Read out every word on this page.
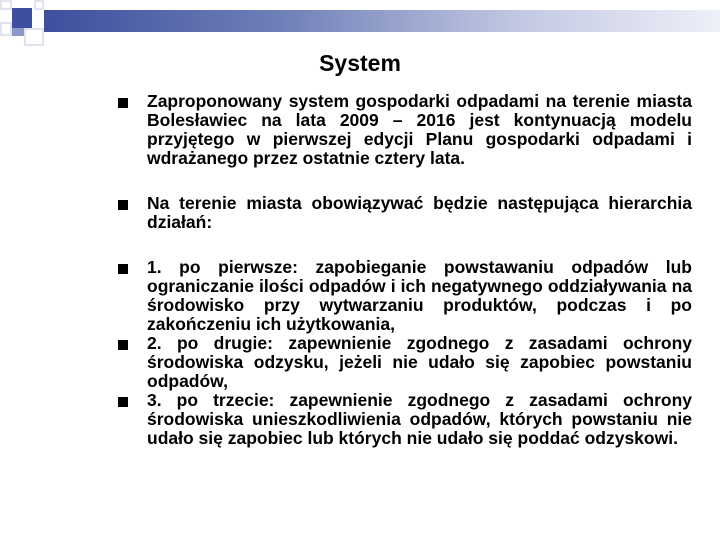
System
Zaproponowany system gospodarki odpadami na terenie miasta Bolesławiec na lata 2009 – 2016 jest kontynuacją modelu przyjętego w pierwszej edycji Planu gospodarki odpadami i wdrażanego przez ostatnie cztery lata.
Na terenie miasta obowiązywać będzie następująca hierarchia działań:
1. po pierwsze: zapobieganie powstawaniu odpadów lub ograniczanie ilości odpadów i ich negatywnego oddziaływania na środowisko przy wytwarzaniu produktów, podczas i po zakończeniu ich użytkowania,
2. po drugie: zapewnienie zgodnego z zasadami ochrony środowiska odzysku, jeżeli nie udało się zapobiec powstaniu odpadów,
3. po trzecie: zapewnienie zgodnego z zasadami ochrony środowiska unieszkodliwienia odpadów, których powstaniu nie udało się zapobiec lub których nie udało się poddać odzyskowi.
